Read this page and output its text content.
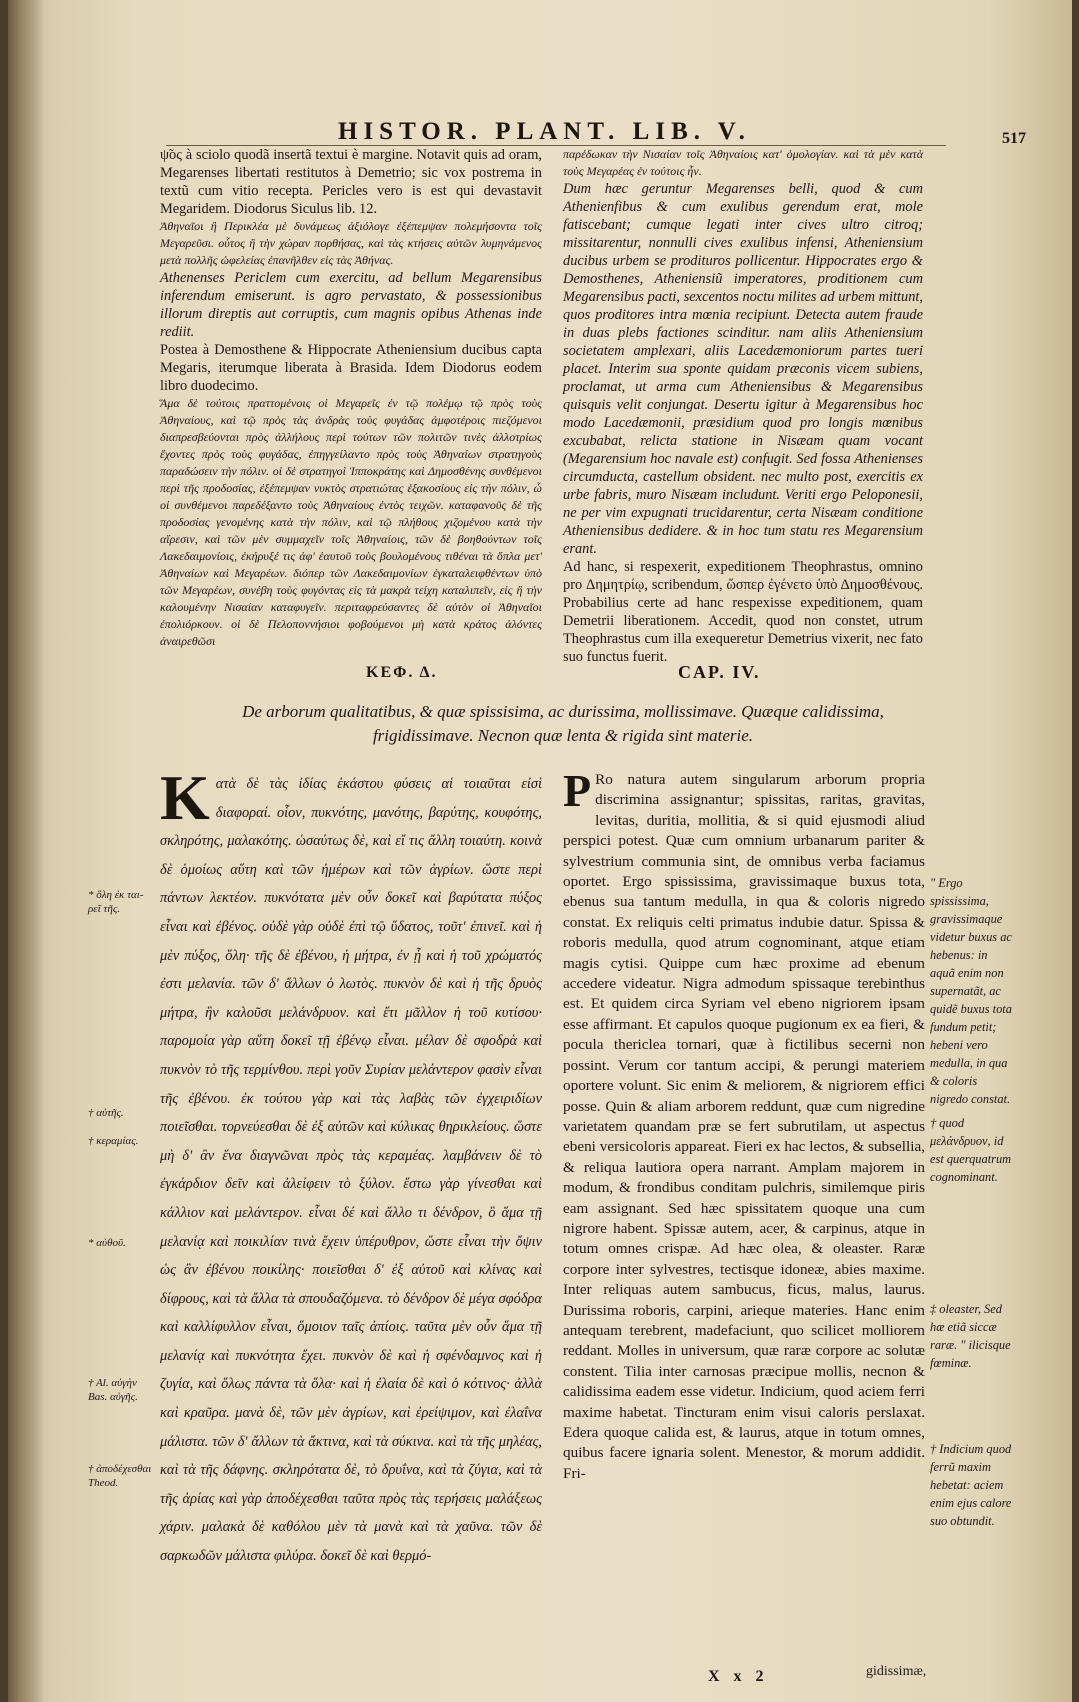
HISTOR. PLANT. LIB. V.	517

ψ̃ος à sciolo quodã insertã textui è margine. Notavit quis ad oram, Megarenses libertati restitutos à Demetrio; sic vox postrema in textũ cum vitio recepta. Pericles vero is est qui devastavit Megaridem. Diodorus Siculus lib. 12.

Ἀθηναῖοι ἢ Περικλέα μὲ δυνάμεως ἀξιόλογε ἐξέπεμψαν πολεμήσοντα τοῖς Μεγαρεῦσι. οὗτος ἢ τὴν χώραν πορθήσας, καὶ τὰς κτήσεις αὐτῶν λυμηνάμενος μετὰ πολλῆς ὠφελείας ἐπανῆλθεν εἰς τὰς Ἀθήνας.

Athenenses Periclem cum exercitu, ad bellum Megarensibus inferendum emiserunt. is agro pervastato, & possessionibus illorum direptis aut corruptis, cum magnis opibus Athenas inde rediit.

Postea à Demosthene & Hippocrate Atheniensium ducibus capta Megaris, iterumque liberata à Brasida. Idem Diodorus eodem libro duodecimo.

Ἅμα δὲ τούτοις πραττομένοις οἱ Μεγαρεῖς ἐν τῷ πολέμῳ τῷ πρὸς τοὺς Ἀθηναίους, καὶ τῷ πρὸς τὰς ἀνδρὰς τοὺς φυγάδας ἀμφοτέροις πιεζόμενοι διαπρεσβεύονται πρὸς ἀλλήλους περὶ τούτων τῶν πολιτῶν τινὲς ἀλλοτρίως ἔχοντες πρὸς τοὺς φυγάδας, ἐπηγγείλαντο πρὸς τοὺς Ἀθηναίων στρατηγοὺς παραδώσειν τὴν πόλιν. οἱ δὲ στρατηγοὶ Ἱπποκράτης καὶ Δημοσθένης συνθέμενοι περὶ τῆς προδοσίας, ἐξέπεμψαν νυκτὸς στρατιώτας ἑξακοσίους εἰς τὴν πόλιν, ὧ οἱ συνθέμενοι παρεδέξαντο τοὺς Ἀθηναίους ἐντὸς τειχῶν. καταφανοῦς δὲ τῆς προδοσίας γενομένης κατὰ τὴν πόλιν, καὶ τῷ πλήθους χιζομένου κατὰ τὴν αἵρεσιν, καὶ τῶν μὲν συμμαχεῖν τοῖς Ἀθηναίοις, τῶν δὲ βοηθούντων τοῖς Λακεδαιμονίοις, ἐκήρυξέ τις ἀφ' ἑαυτοῦ τοὺς βουλομένους τιθέναι τὰ ὅπλα μετ' Ἀθηναίων καὶ Μεγαρέων. διόπερ τῶν Λακεδαιμονίων ἐγκαταλειφθέντων ὑπὸ τῶν Μεγαρέων, συνέβη τοὺς φυγόντας εἰς τὰ μακρὰ τείχη καταλιπεῖν, εἰς ἣ τὴν καλουμένην Νισαίαν καταφυγεῖν. περιταφρεύσαντες δὲ αὐτὸν οἱ Ἀθηναῖοι ἐπολιόρκουν. οἱ δὲ Πελοποννήσιοι φοβούμενοι μὴ κατὰ κράτος ἁλόντες ἀναιρεθῶσι

παρέδωκαν τὴν Νισαίαν τοῖς Ἀθηναίοις κατ' ὁμολογίαν. καὶ τὰ μὲν κατὰ τοὺς Μεγαρέας ἐν τούτοις ἦν.

Dum hæc geruntur Megarenses belli, quod & cum Athenienfibus & cum exulibus gerendum erat, mole fatiscebant; cumque legati inter cives ultro citroq; missitarentur, nonnulli cives exulibus infensi, Atheniensium ducibus urbem se prodituros pollicentur. Hippocrates ergo & Demosthenes, Atheniensiũ imperatores, proditionem cum Megarensibus pacti, sexcentos noctu milites ad urbem mittunt, quos proditores intra mœnia recipiunt. Detecta autem fraude in duas plebs factiones scinditur. nam aliis Atheniensium societatem amplexari, aliis Lacedæmoniorum partes tueri placet. Interim sua sponte quidam præconis vicem subiens, proclamat, ut arma cum Atheniensibus & Megarensibus quisquis velit conjungat. Desertu igitur à Megarensibus hoc modo Lacedæmonii, præsidium quod pro longis mœnibus excubabat, relicta statione in Nisæam quam vocant (Megarensium hoc navale est) confugit. Sed fossa Athenienses circumducta, castellum obsident. nec multo post, exercitis ex urbe fabris, muro Nisæam includunt. Veriti ergo Peloponesii, ne per vim expugnati trucidarentur, certa Nisæam conditione Atheniensibus dedidere. & in hoc tum statu res Megarensium erant.

Ad hanc, si respexerit, expeditionem Theophrastus, omnino pro Δημητρίῳ, scribendum, ὥσπερ ἐγένετο ὑπὸ Δημοσθένους. Probabilius certe ad hanc respexisse expeditionem, quam Demetrii liberationem. Accedit, quod non constet, utrum Theophrastus cum illa exequeretur Demetrius vixerit, nec fato suo functus fuerit.

ΚΕΦ. Δ.	CAP. IV.
De arborum qualitatibus, & quæ spissisima, ac durissima, mollissimave. Quæque calidissima, frigidissimave. Necnon quæ lenta & rigida sint materie.

K ατὰ δὲ τὰς ἰδίας ἑκάστου φύσεις αἱ τοιαῦται εἰσὶ διαφοραί. οἷον, πυκνότης, μανότης, βαρύτης, κουφότης, σκληρότης, μαλακότης. ὡσαύτως δὲ, καὶ εἴ τις ἄλλη τοιαύτη. κοινὰ δὲ ὁμοίως αὕτη καὶ τῶν ἡμέρων καὶ τῶν ἀγρίων. ὥστε περὶ πάντων λεκτέον. πυκνότατα μὲν οὖν δοκεῖ καὶ βαρύτατα πύξος εἶναι καὶ ἐβένος. οὐδὲ γὰρ οὐδὲ ἐπὶ τῷ ὕδατος, τοῦτ' ἐπινεῖ. καὶ ἡ μὲν πύξος, ὅλη· τῆς δὲ ἐβένου, ἡ μήτρα, ἐν ᾗ καὶ ἡ τοῦ χρώματός ἐστι μελανία. τῶν δ' ἄλλων ὁ λωτὸς. πυκνὸν δὲ καὶ ἡ τῆς δρυὸς μήτρα, ἣν καλοῦσι μελάνδρυον. καὶ ἔτι μᾶλλον ἡ τοῦ κυτίσου· παρομοία γὰρ αὕτη δοκεῖ τῇ ἐβένῳ εἶναι. μέλαν δὲ σφοδρὰ καὶ πυκνὸν τὸ τῆς τερμίνθου. περὶ γοῦν Συρίαν μελάντερον φασὶν εἶναι τῆς ἐβένου. ἐκ τούτου γὰρ καὶ τὰς λαβὰς τῶν ἐγχειριδίων ποιεῖσθαι. τορνεύεσθαι δὲ ἐξ αὐτῶν καὶ κύλικας θηρικλείους. ὥστε μὴ δ' ἂν ἕνα διαγνῶναι πρὸς τὰς κεραμέας. λαμβάνειν δὲ τὸ ἐγκάρδιον δεῖν καὶ ἀλείφειν τὸ ξύλον. ἔστω γὰρ γίνεσθαι καὶ κάλλιον καὶ μελάντερον. εἶναι δέ καὶ ἄλλο τι δένδρον, ὃ ἅμα τῇ μελανίᾳ καὶ ποικιλίαν τινὰ ἔχειν ὑπέρυθρον, ὥστε εἶναι τὴν ὄψιν ὡς ἂν ἐβένου ποικίλης· ποιεῖσθαι δ' ἐξ αὐτοῦ καὶ κλίνας καὶ δίφρους, καὶ τὰ ἄλλα τὰ σπουδαζόμενα. τὸ δένδρον δὲ μέγα σφόδρα καὶ καλλίφυλλον εἶναι, ὅμοιον ταῖς ἀπίοις. ταῦτα μὲν οὖν ἅμα τῇ μελανίᾳ καὶ πυκνότητα ἔχει. πυκνὸν δὲ καὶ ἡ σφένδαμνος καὶ ἡ ζυγία, καὶ ὅλως πάντα τὰ ὅλα· καὶ ἡ ἐλαία δὲ καὶ ὁ κότινος· ἀλλὰ καὶ κραῦρα. μανὰ δὲ, τῶν μὲν ἀγρίων, καὶ ἐρείψιμον, καὶ ἐλαΐνα μάλιστα. τῶν δ' ἄλλων τὰ ἄκτινα, καὶ τὰ σύκινα. καὶ τὰ τῆς μηλέας, καὶ τὰ τῆς δάφνης. σκληρότατα δὲ, τὸ δρυΐνα, καὶ τὰ ζύγια, καὶ τὰ τῆς ἀρίας καὶ γὰρ ἀποδέχεσθαι ταῦτα πρὸς τὰς τερήσεις μαλάξεως χάριν. μαλακὰ δὲ καθόλου μὲν τὰ μανὰ καὶ τὰ χαῦνα. τῶν δὲ σαρκωδῶν μάλιστα φιλύρα. δοκεῖ δὲ καὶ θερμό-

P Ro natura autem singularum arborum propria discrimina assignantur; spissitas, raritas, gravitas, levitas, duritia, mollitia, & si quid ejusmodi aliud perspici potest. Quæ cum omnium urbanarum pariter & sylvestrium communia sint, de omnibus verba faciamus oportet. Ergo spississima, gravissimaque buxus tota, ebenus sua tantum medulla, in qua & coloris nigredo constat. Ex reliquis celti primatus indubie datur. Spissa & roboris medulla, quod atrum cognominant, atque etiam magis cytisi. Quippe cum hæc proxime ad ebenum accedere videatur. Nigra admodum spissaque terebinthus est. Et quidem circa Syriam vel ebeno nigriorem ipsam esse affirmant. Et capulos quoque pugionum ex ea fieri, & pocula thericlea tornari, quæ à fictilibus secerni non possint. Verum cor tantum accipi, & perungi materiem oportere volunt. Sic enim & meliorem, & nigriorem effici posse. Quin & aliam arborem reddunt, quæ cum nigredine varietatem quandam præ se fert subrutilam, ut aspectus ebeni versicoloris appareat. Fieri ex hac lectos, & subsellia, & reliqua lautiora opera narrant. Amplam majorem in modum, & frondibus conditam pulchris, similemque piris eam assignant. Sed hæc spissitatem quoque una cum nigrore habent. Spissæ autem, acer, & carpinus, atque in totum omnes crispæ. Ad hæc olea, & oleaster. Raræ corpore inter sylvestres, tectisque idoneæ, abies maxime. Inter reliquas autem sambucus, ficus, malus, laurus. Durissima roboris, carpini, arieque materies. Hanc enim antequam terebrent, madefaciunt, quo scilicet molliorem reddant. Molles in universum, quæ raræ corpore ac solutæ constent. Tilia inter carnosas præcipue mollis, necnon & calidissima eadem esse videtur. Indicium, quod aciem ferri maxime habetat. Tincturam enim visui caloris perslaxat. Edera quoque calida est, & laurus, atque in totum omnes, quibus facere ignaria solent. Menestor, & morum addidit. Fri-

* ὅλη ἐκ ται-ρεῖ τῆς.
† αὐτῆς.
† κεραμίας.
* αὐθοῦ.
† Al. αὐγὴν Bas. αὐγῆς.
† ἀποδέχεσθαι Theod.
" Ergo spississima, gravissimaque videtur buxus ac hebenus: in aquã enim non supernatãt, ac quidẽ buxus tota fundum petit; hebeni vero medulla, in qua & coloris nigredo constat.
† quod μελάνδρυον, id est querquatrum cognominant.
‡ oleaster, Sed hæ etiã siccæ raræ. " ilicisque fœminæ.
† Indicium quod ferrũ maxim hebetat: aciem enim ejus calore suo obtundit.
X x 2	gidissimæ,
